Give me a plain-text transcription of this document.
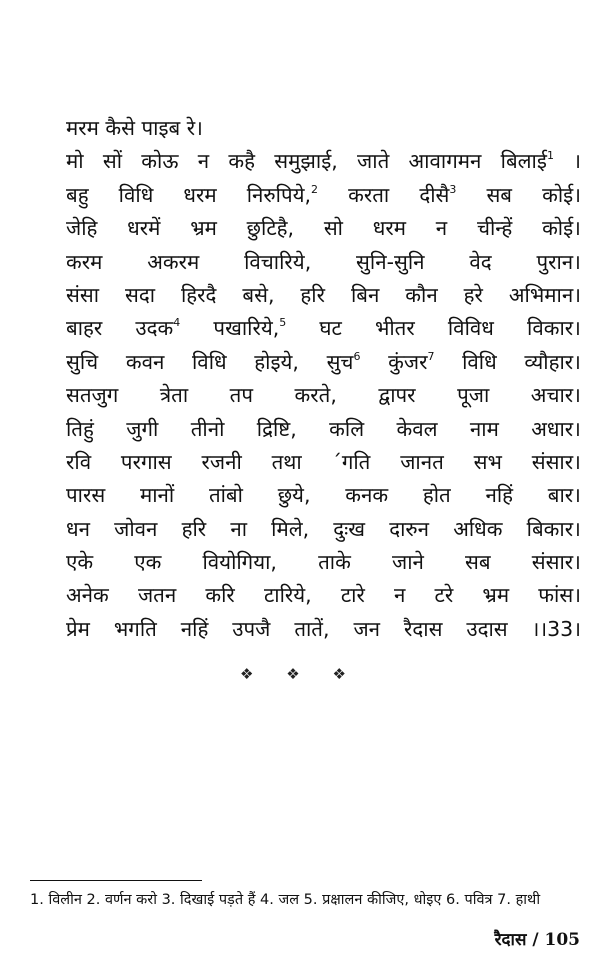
मरम कैसे पाइब रे।
मो सों कोऊ न कहै समुझाई, जाते आवागमन बिलाई$^1$ ।
बहु विधि धरम निरुपिये,$^2$ करता दीसै$^3$ सब कोई।
जेहि धरमें भ्रम छुटिहै, सो धरम न चीन्हें कोई।
करम अकरम विचारिये, सुनि-सुनि वेद पुरान।
संसा सदा हिरदै बसे, हरि बिन कौन हरे अभिमान।
बाहर उदक$^4$ पखारिये,$^5$ घट भीतर विविध विकार।
सुचि कवन विधि होइये, सुच$^6$ कुंजर$^7$ विधि व्यौहार।
सतजुग त्रेता तप करते, द्वापर पूजा अचार।
तिहुं जुगी तीनो द्रिष्टि, कलि केवल नाम अधार।
रवि परगास रजनी तथा ˊगति जानत सभ संसार।
पारस मानों तांबो छुये, कनक होत नहिं बार।
धन जोवन हरि ना मिले, दुःख दारुन अधिक बिकार।
एके एक वियोगिया, ताके जाने सब संसार।
अनेक जतन करि टारिये, टारे न टरे भ्रम फांस।
प्रेम भगति नहिं उपजै तातें, जन रैदास उदास ।।33।
❖ ❖ ❖
1. विलीन 2. वर्णन करो 3. दिखाई पड़ते हैं 4. जल 5. प्रक्षालन कीजिए, धोइए 6. पवित्र 7. हाथी
रैदास / 105
